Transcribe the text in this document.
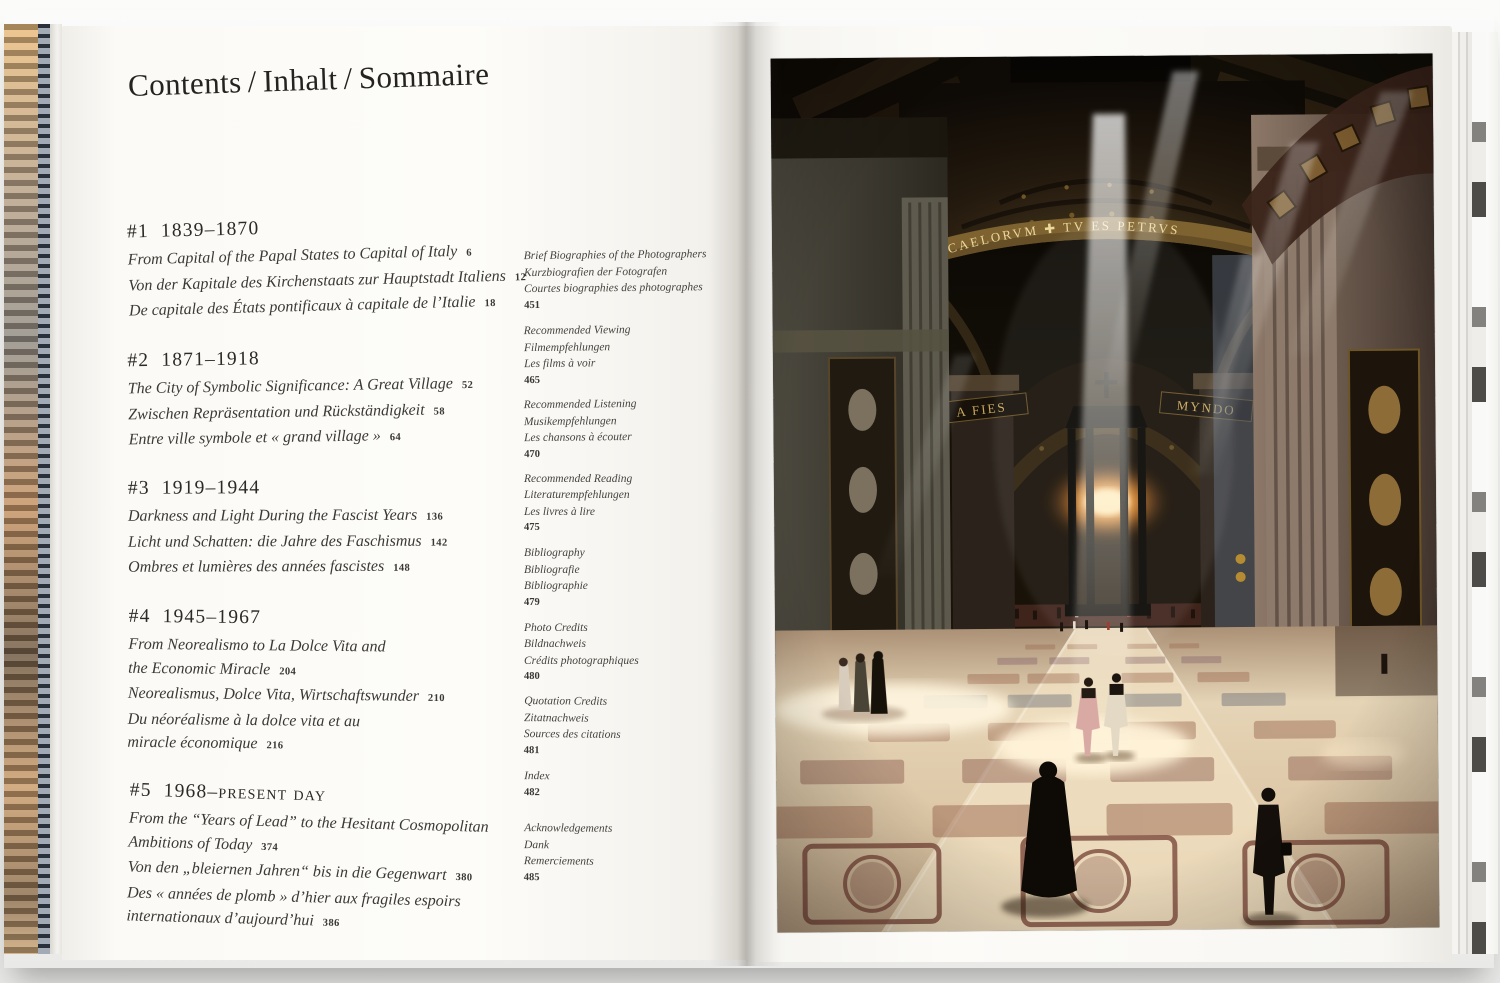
Contents / Inhalt / Sommaire
#1 1839–1870
From Capital of the Papal States to Capital of Italy 6
Von der Kapitale des Kirchenstaats zur Hauptstadt Italiens 12
De capitale des États pontificaux à capitale de l’Italie 18
#2 1871–1918
The City of Symbolic Significance: A Great Village 52
Zwischen Repräsentation und Rückständigkeit 58
Entre ville symbole et « grand village » 64
#3 1919–1944
Darkness and Light During the Fascist Years 136
Licht und Schatten: die Jahre des Faschismus 142
Ombres et lumières des années fascistes 148
#4 1945–1967
From Neorealismo to La Dolce Vita and
the Economic Miracle 204
Neorealismus, Dolce Vita, Wirtschaftswunder 210
Du néoréalisme à la dolce vita et au
miracle économique 216
#5 1968–present day
From the “Years of Lead” to the Hesitant Cosmopolitan
Ambitions of Today 374
Von den „bleiernen Jahren“ bis in die Gegenwart 380
Des « années de plomb » d’hier aux fragiles espoirs
internationaux d’aujourd’hui 386
Brief Biographies of the Photographers
Kurzbiografien der Fotografen
Courtes biographies des photographes
451
Recommended Viewing
Filmempfehlungen
Les films à voir
465
Recommended Listening
Musikempfehlungen
Les chansons à écouter
470
Recommended Reading
Literaturempfehlungen
Les livres à lire
475
Bibliography
Bibliografie
Bibliographie
479
Photo Credits
Bildnachweis
Crédits photographiques
480
Quotation Credits
Zitatnachweis
Sources des citations
481
Index
482
Acknowledgements
Dank
Remerciements
485
